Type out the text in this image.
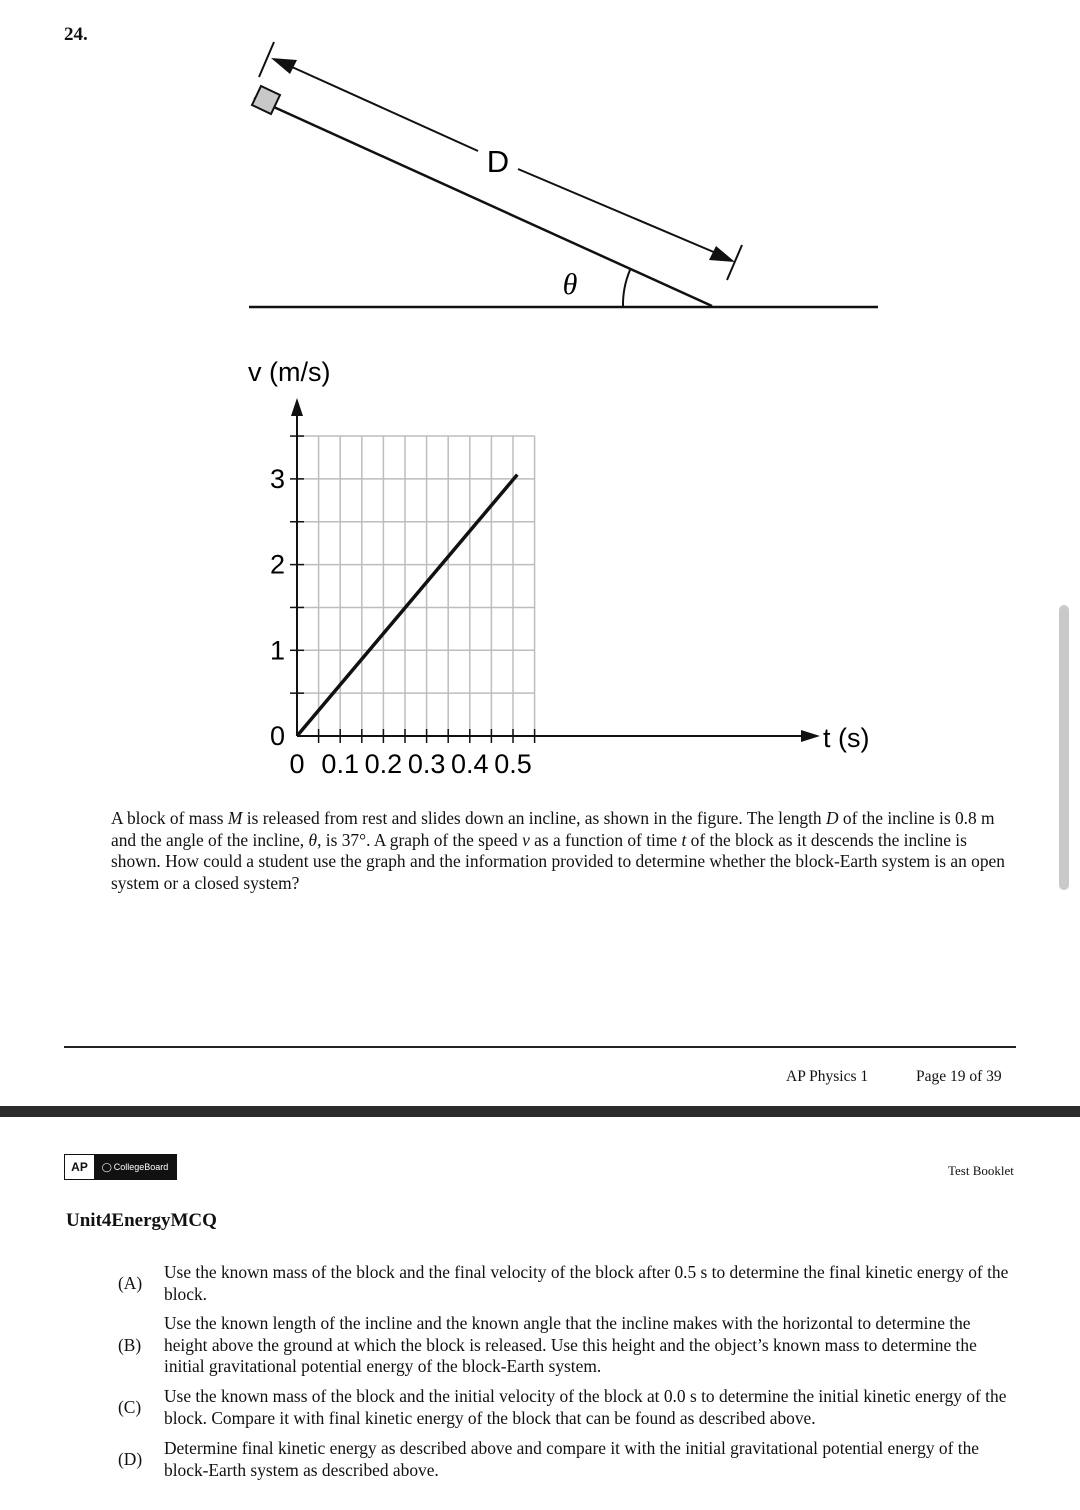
24.
D
θ
v (m/s)
t (s)
0 0.1 0.2 0.3 0.4 0.5
0
1
2
3
A block of mass M is released from rest and slides down an incline, as shown in the figure. The length D of the incline is 0.8 m and the angle of the incline, θ, is 37°. A graph of the speed v as a function of time t of the block as it descends the incline is shown. How could a student use the graph and the information provided to determine whether the block-Earth system is an open system or a closed system?
AP Physics 1	Page 19 of 39
AP	◯ CollegeBoard	Test Booklet
Unit4EnergyMCQ
(A)
Use the known mass of the block and the final velocity of the block after 0.5 s to determine the final kinetic energy of the block.
(B)
Use the known length of the incline and the known angle that the incline makes with the horizontal to determine the height above the ground at which the block is released. Use this height and the object’s known mass to determine the initial gravitational potential energy of the block-Earth system.
(C)
Use the known mass of the block and the initial velocity of the block at 0.0 s to determine the initial kinetic energy of the block. Compare it with final kinetic energy of the block that can be found as described above.
(D)
Determine final kinetic energy as described above and compare it with the initial gravitational potential energy of the block-Earth system as described above.
